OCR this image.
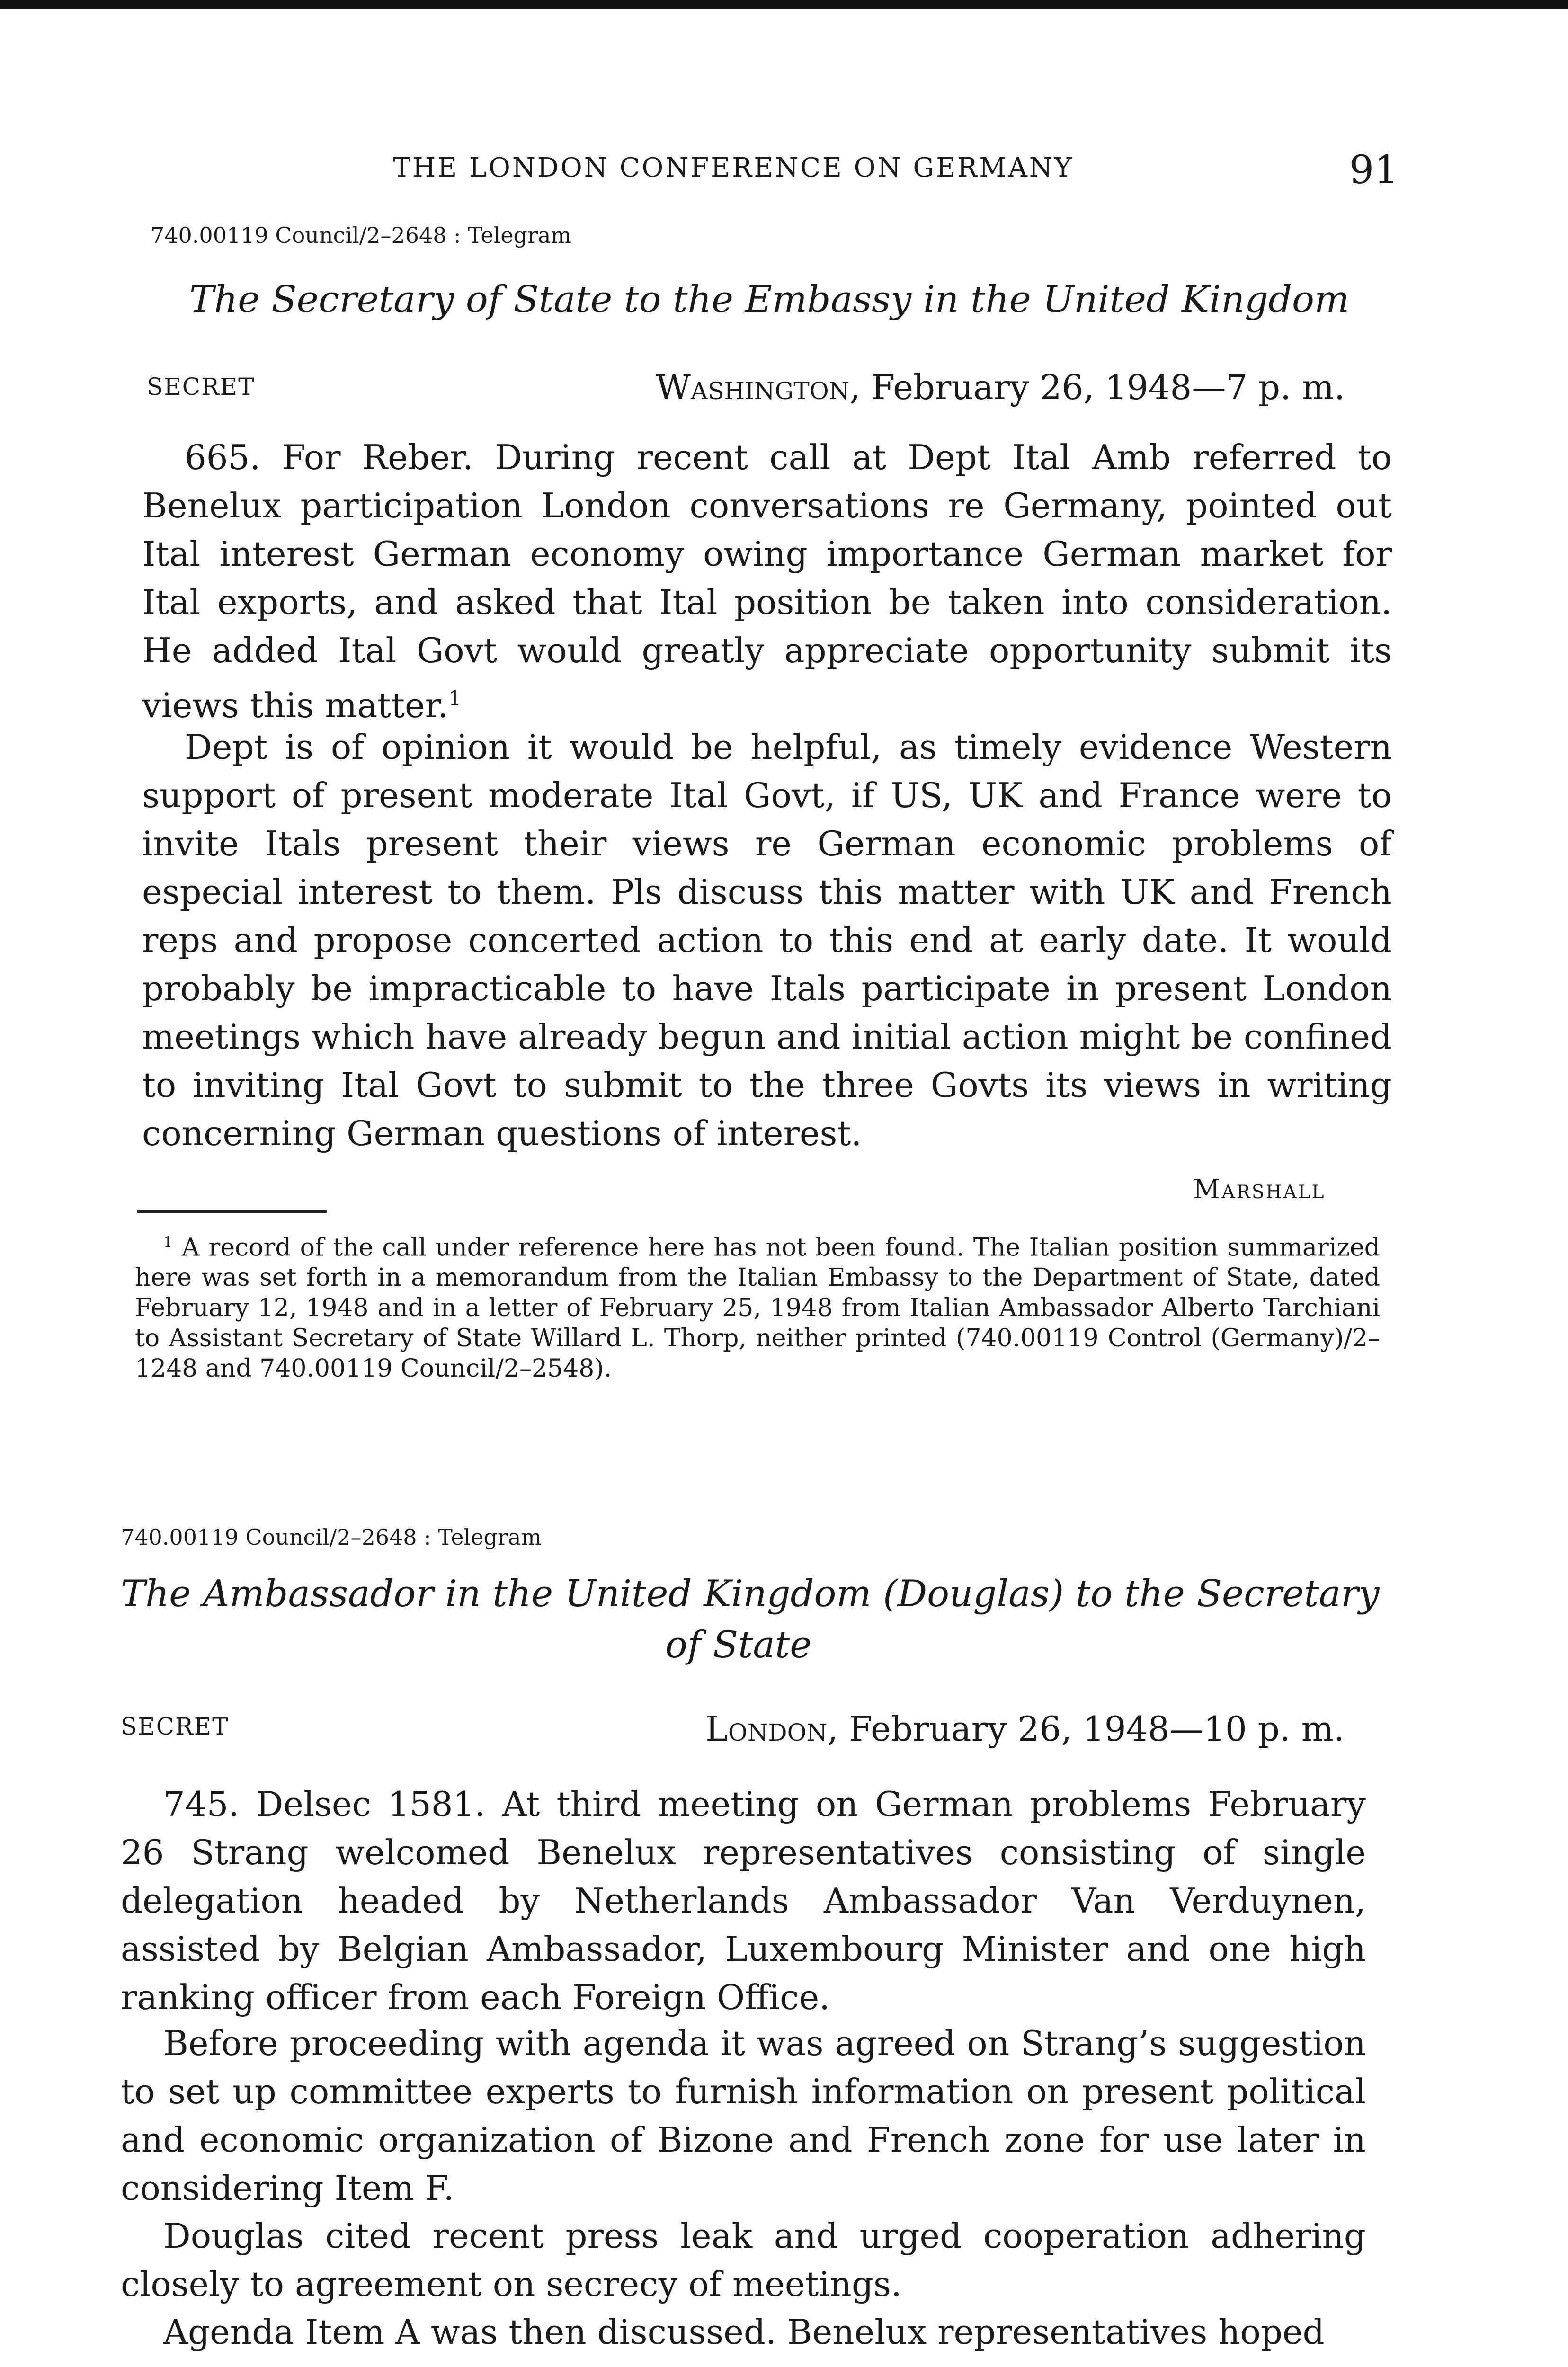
THE LONDON CONFERENCE ON GERMANY	91
740.00119 Council/2–2648 : Telegram
The Secretary of State to the Embassy in the United Kingdom
SECRET	Washington, February 26, 1948—7 p. m.

665. For Reber. During recent call at Dept Ital Amb referred to Benelux participation London conversations re Germany, pointed out Ital interest German economy owing importance German market for Ital exports, and asked that Ital position be taken into consideration. He added Ital Govt would greatly appreciate opportunity submit its views this matter.$^1$

Dept is of opinion it would be helpful, as timely evidence Western support of present moderate Ital Govt, if US, UK and France were to invite Itals present their views re German economic problems of especial interest to them. Pls discuss this matter with UK and French reps and propose concerted action to this end at early date. It would probably be impracticable to have Itals participate in present London meetings which have already begun and initial action might be confined to inviting Ital Govt to submit to the three Govts its views in writing concerning German questions of interest.

Marshall

$^1$ A record of the call under reference here has not been found. The Italian position summarized here was set forth in a memorandum from the Italian Embassy to the Department of State, dated February 12, 1948 and in a letter of February 25, 1948 from Italian Ambassador Alberto Tarchiani to Assistant Secretary of State Willard L. Thorp, neither printed (740.00119 Control (Germany)/2–1248 and 740.00119 Council/2–2548).

740.00119 Council/2–2648 : Telegram
The Ambassador in the United Kingdom (Douglas) to the Secretary
of State
SECRET	London, February 26, 1948—10 p. m.

745. Delsec 1581. At third meeting on German problems February 26 Strang welcomed Benelux representatives consisting of single delegation headed by Netherlands Ambassador Van Verduynen, assisted by Belgian Ambassador, Luxembourg Minister and one high ranking officer from each Foreign Office.

Before proceeding with agenda it was agreed on Strang’s suggestion to set up committee experts to furnish information on present political and economic organization of Bizone and French zone for use later in considering Item F.

Douglas cited recent press leak and urged cooperation adhering closely to agreement on secrecy of meetings.

Agenda Item A was then discussed. Benelux representatives hoped
